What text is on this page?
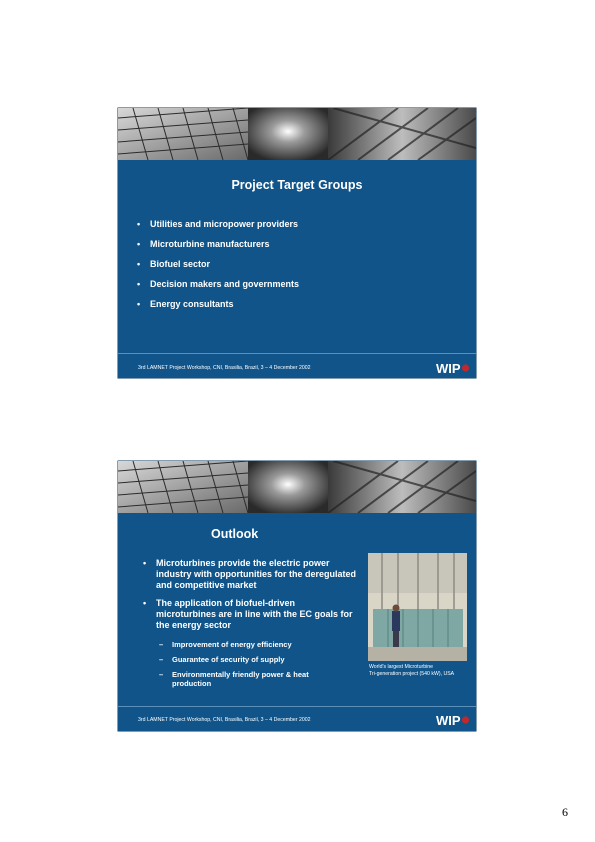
Project Target Groups
• Utilities and micropower providers
• Microturbine manufacturers
• Biofuel sector
• Decision makers and governments
• Energy consultants
3rd LAMNET Project Workshop, CNI, Brasilia, Brazil, 3 – 4 December 2002	WIP
Outlook
• Microturbines provide the electric power industry with opportunities for the deregulated and competitive market
• The application of biofuel-driven microturbines are in line with the EC goals for the energy sector
– Improvement of energy efficiency
– Guarantee of security of supply
– Environmentally friendly power & heat production
World's largest Microturbine
Tri-generation project (540 kW), USA
3rd LAMNET Project Workshop, CNI, Brasilia, Brazil, 3 – 4 December 2002	WIP
6
